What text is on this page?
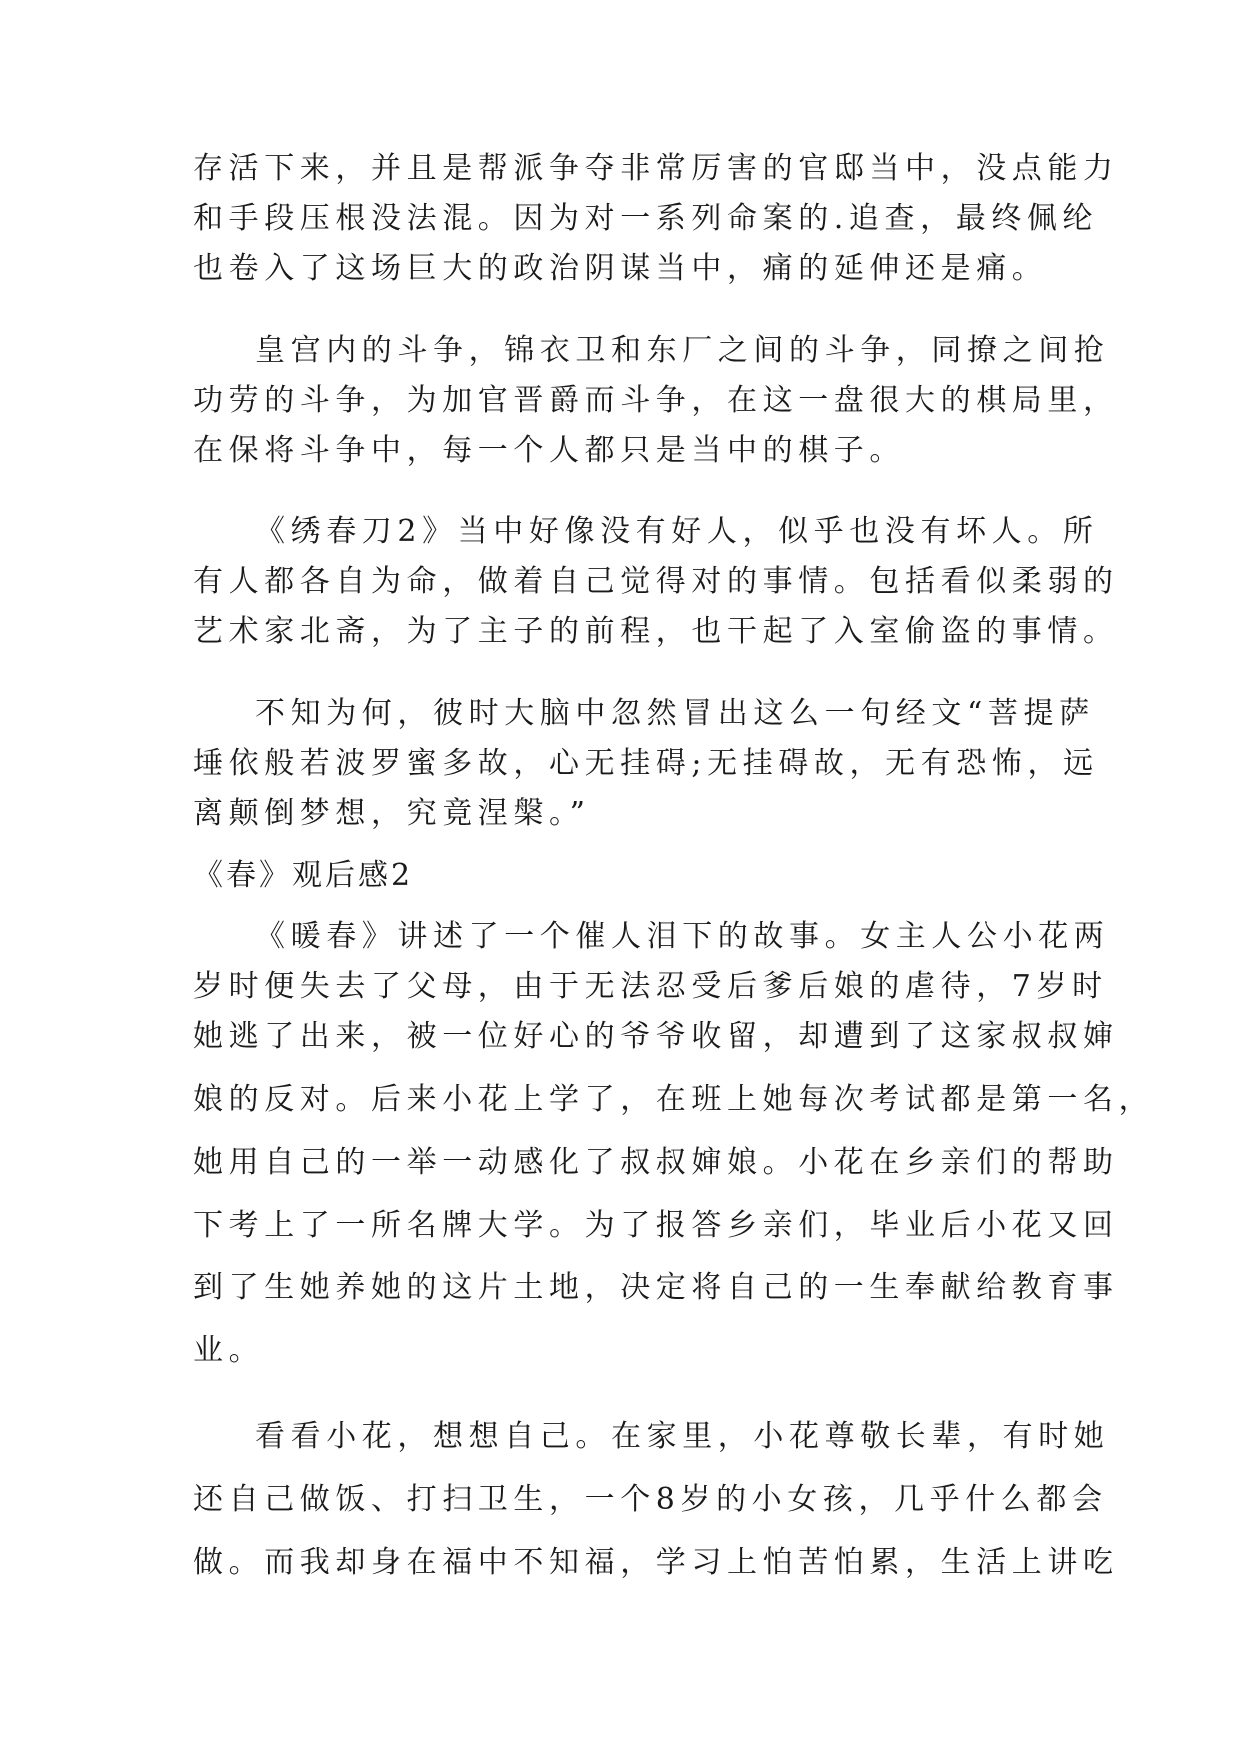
存活下来，并且是帮派争夺非常厉害的官邸当中，没点能力
和手段压根没法混。因为对一系列命案的.追查，最终佩纶
也卷入了这场巨大的政治阴谋当中，痛的延伸还是痛。
皇宫内的斗争，锦衣卫和东厂之间的斗争，同撩之间抢
功劳的斗争，为加官晋爵而斗争，在这一盘很大的棋局里，
在保将斗争中，每一个人都只是当中的棋子。
《绣春刀2》当中好像没有好人，似乎也没有坏人。所
有人都各自为命，做着自己觉得对的事情。包括看似柔弱的
艺术家北斋，为了主子的前程，也干起了入室偷盗的事情。
不知为何，彼时大脑中忽然冒出这么一句经文“菩提萨
埵依般若波罗蜜多故，心无挂碍;无挂碍故，无有恐怖，远
离颠倒梦想，究竟涅槃。”
《春》观后感2
《暖春》讲述了一个催人泪下的故事。女主人公小花两
岁时便失去了父母，由于无法忍受后爹后娘的虐待，7岁时
她逃了出来，被一位好心的爷爷收留，却遭到了这家叔叔婶
娘的反对。后来小花上学了，在班上她每次考试都是第一名，
她用自己的一举一动感化了叔叔婶娘。小花在乡亲们的帮助
下考上了一所名牌大学。为了报答乡亲们，毕业后小花又回
到了生她养她的这片土地，决定将自己的一生奉献给教育事
业。
看看小花，想想自己。在家里，小花尊敬长辈，有时她
还自己做饭、打扫卫生，一个8岁的小女孩，几乎什么都会
做。而我却身在福中不知福，学习上怕苦怕累，生活上讲吃
